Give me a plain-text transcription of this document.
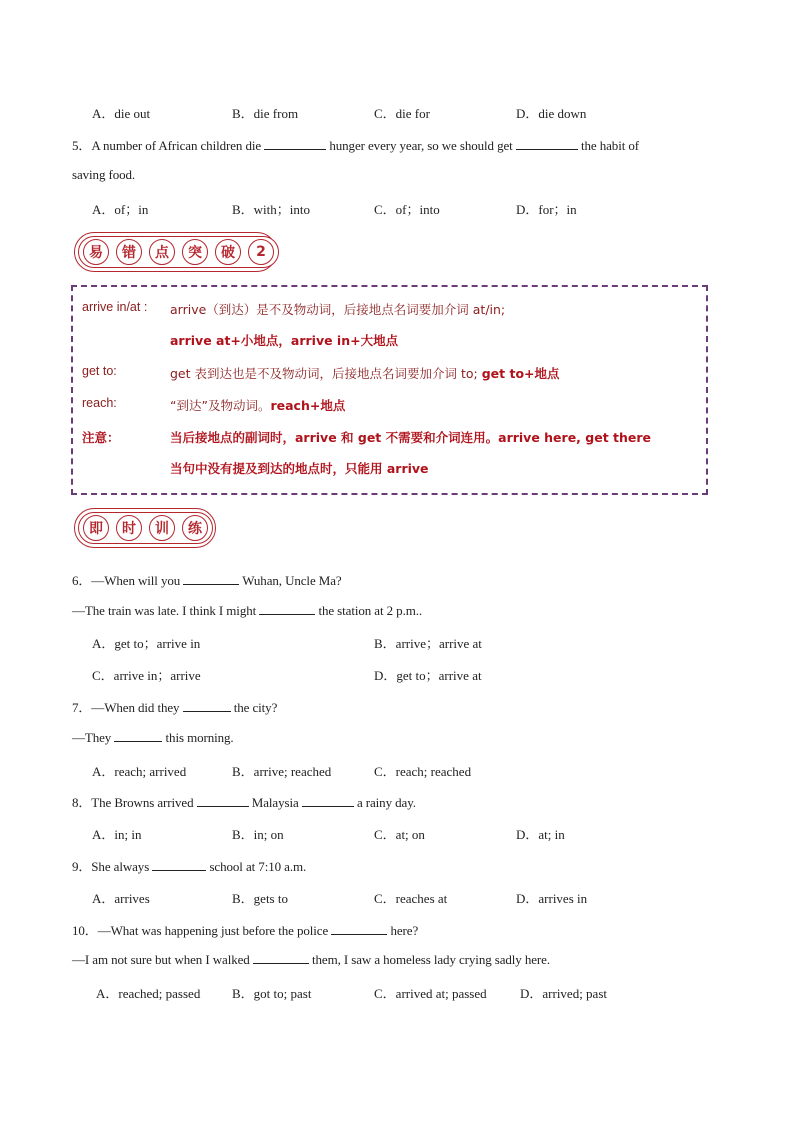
A．die out	B．die from	C．die for	D．die down
5．A number of African children die	hunger every year, so we should get	the habit of
saving food.
A．of；in	B．with；into	C．of；into	D．for；in
易	错	点	突	破	2
arrive in/at : arrive（到达）是不及物动词，后接地点名词要加介词 at/in;
arrive at+小地点，arrive in+大地点
get to:	get 表到达也是不及物动词，后接地点名词要加介词 to; get to+地点
reach:	“到达”及物动词。reach+地点
注意：	当后接地点的副词时，arrive 和 get 不需要和介词连用。arrive here, get there
当句中没有提及到达的地点时，只能用 arrive
即	时	训	练
6．—When will you	Wuhan, Uncle Ma?
—The train was late. I think I might	the station at 2 p.m..
A．get to；arrive in	B．arrive；arrive at
C．arrive in；arrive	D．get to；arrive at
7．—When did they	the city?
—They	this morning.
A．reach; arrived	B．arrive; reached	C．reach; reached
8．The Browns arrived	Malaysia	a rainy day.
A．in; in	B．in; on	C．at; on	D．at; in
9．She always	school at 7:10 a.m.
A．arrives	B．gets to	C．reaches at	D．arrives in
10．—What was happening just before the police	here?
—I am not sure but when I walked	them, I saw a homeless lady crying sadly here.
A．reached; passed B．got to; past	C．arrived at; passed	D．arrived; past
